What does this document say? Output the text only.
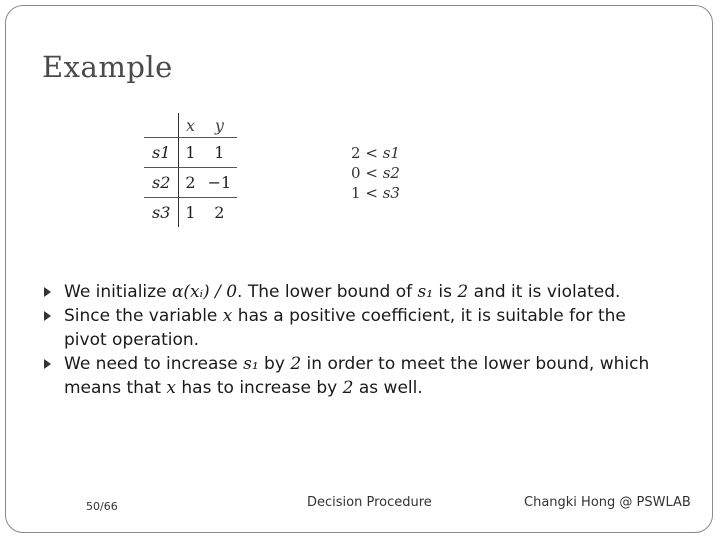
Example
	x	y
s1	1	1
s2	2	−1
s3	1	2
2 < s1
0 < s2
1 < s3
We initialize α(xᵢ) / 0. The lower bound of s₁ is 2 and it is violated.
Since the variable x has a positive coefficient, it is suitable for the pivot operation.
We need to increase s₁ by 2 in order to meet the lower bound, which means that x has to increase by 2 as well.
50/66	Decision Procedure	Changki Hong @ PSWLAB
